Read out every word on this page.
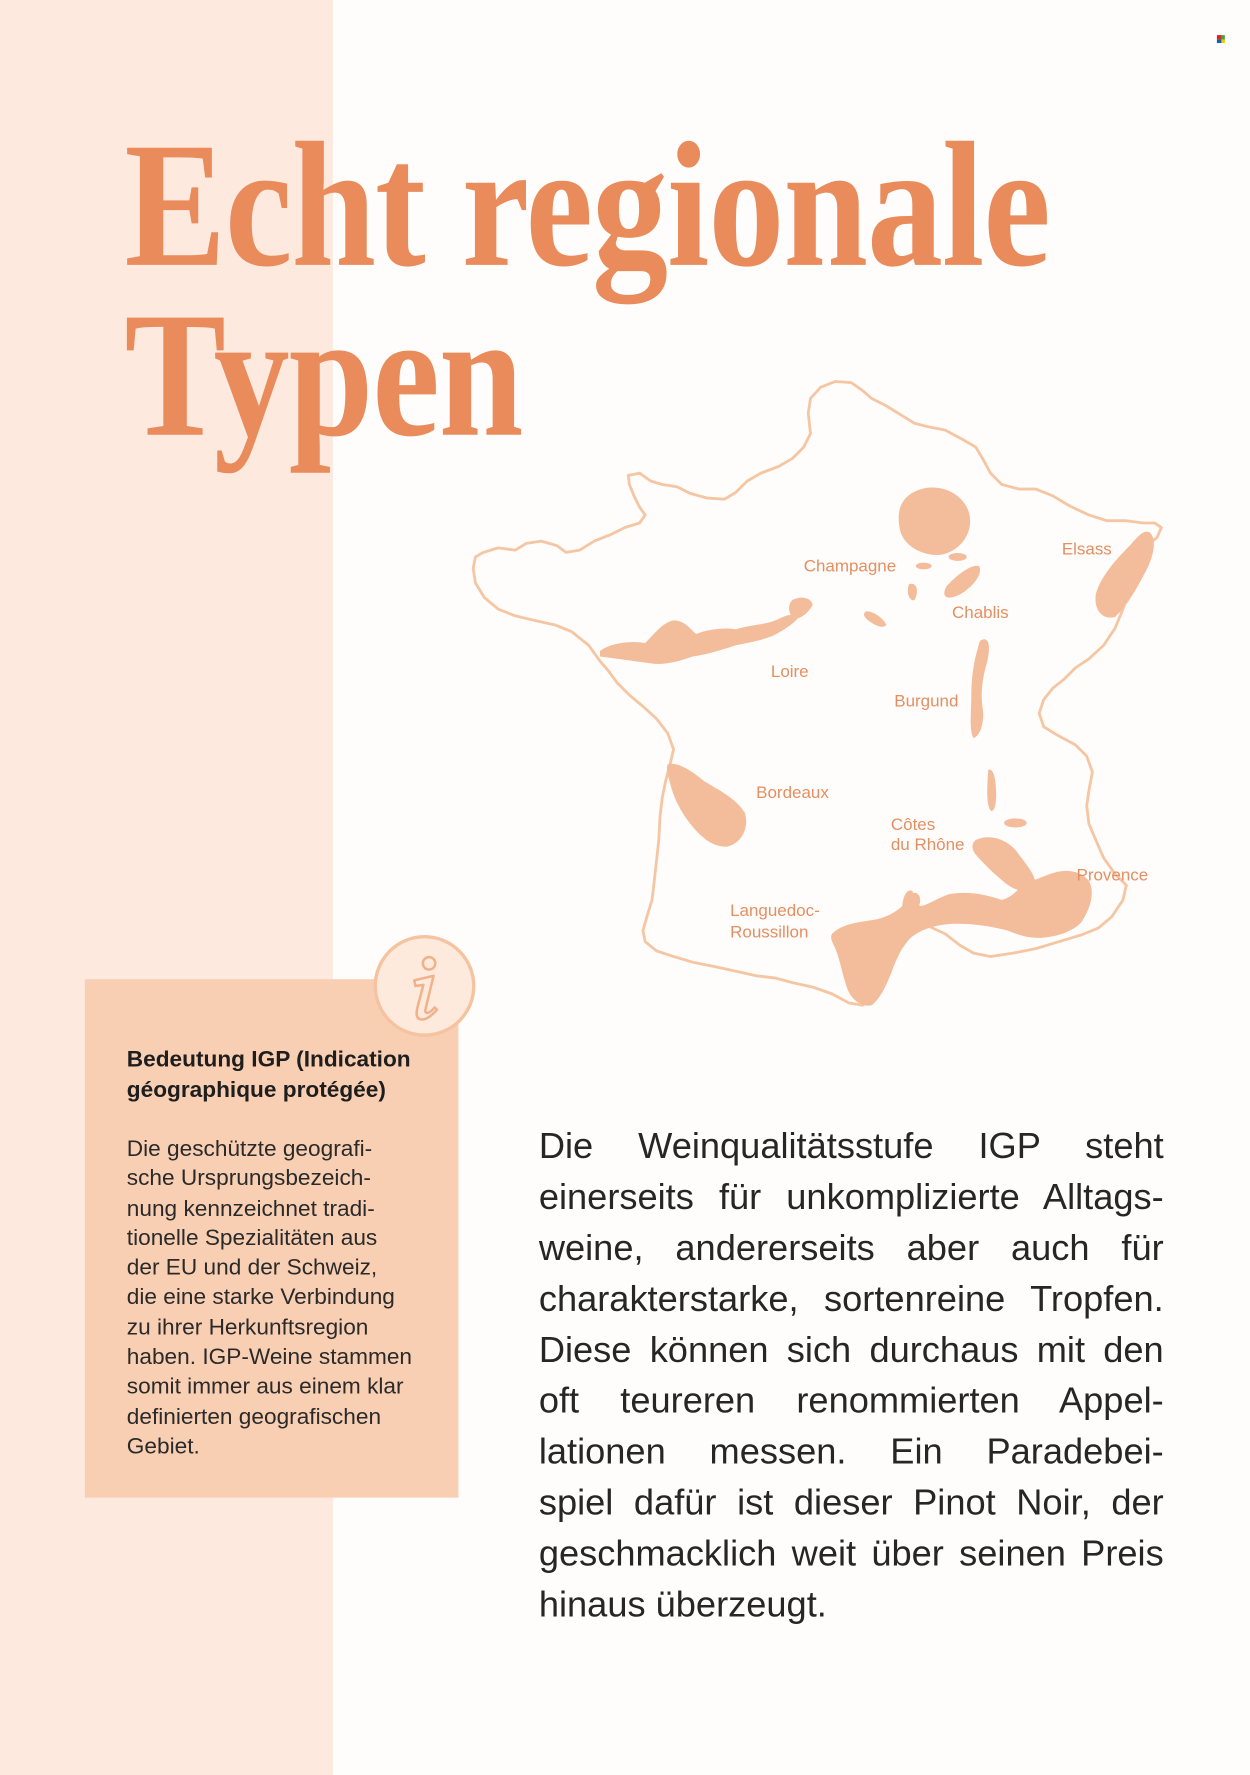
Echt regionale
Typen
Champagne
Elsass
Chablis
Loire
Burgund
Bordeaux
Côtes du Rhône
Provence
Languedoc- Roussillon
Bedeutung IGP (Indication
géographique protégée)
Die geschützte geografi-
sche Ursprungsbezeich-
nung kennzeichnet tradi-
tionelle Spezialitäten aus
der EU und der Schweiz,
die eine starke Verbindung
zu ihrer Herkunftsregion
haben. IGP-Weine stammen
somit immer aus einem klar
definierten geografischen
Gebiet.
Die Weinqualitätsstufe IGP steht
einerseits für unkomplizierte Alltags-
weine, andererseits aber auch für
charakterstarke, sortenreine Tropfen.
Diese können sich durchaus mit den
oft teureren renommierten Appel-
lationen messen. Ein Paradebei-
spiel dafür ist dieser Pinot Noir, der
geschmacklich weit über seinen Preis
hinaus überzeugt.
